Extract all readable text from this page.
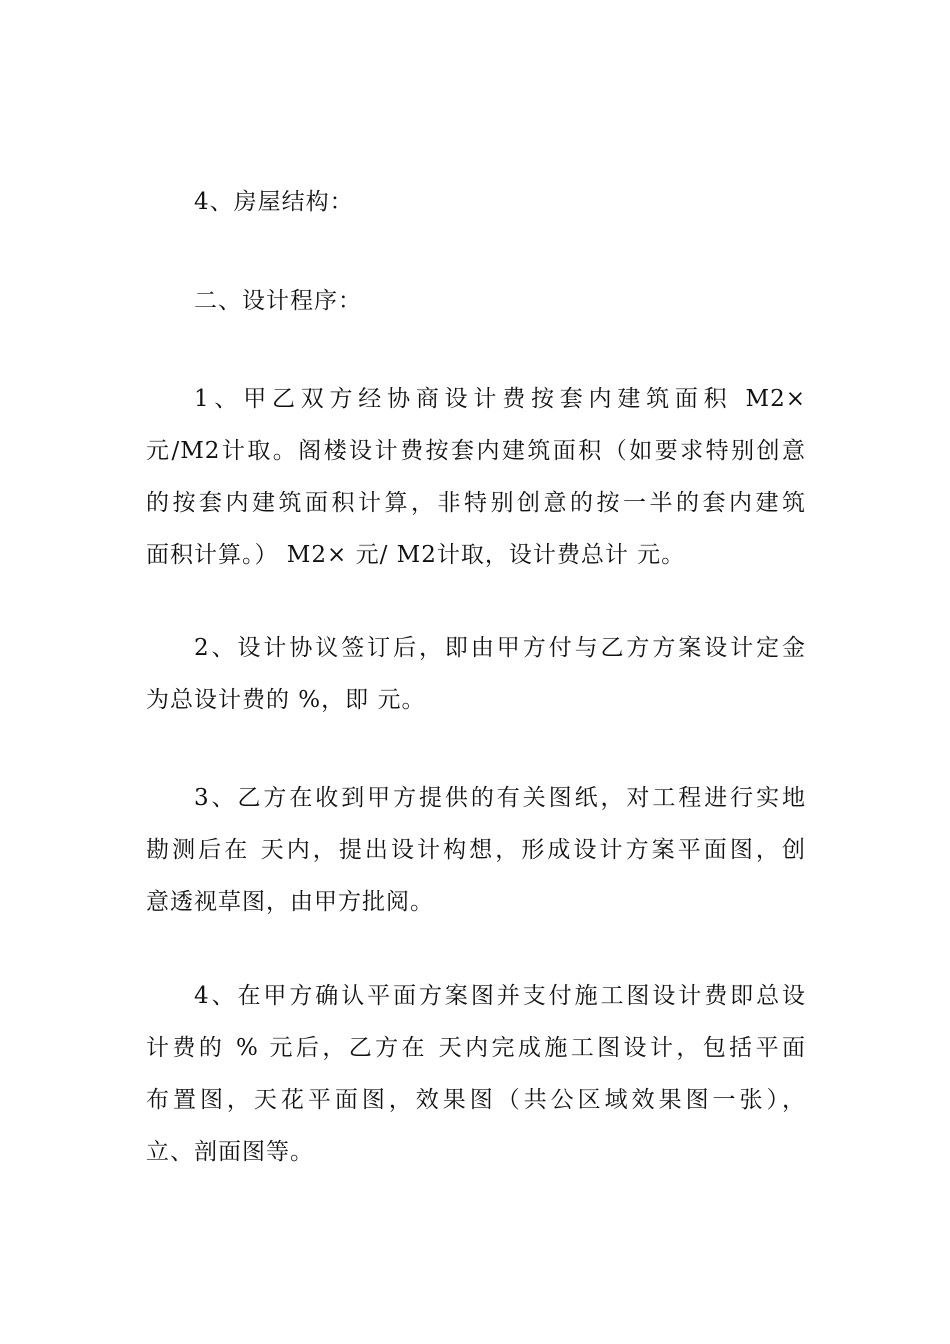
4、房屋结构：

二、设计程序：

1、甲乙双方经协商设计费按套内建筑面积 M2×
元/M2计取。阁楼设计费按套内建筑面积（如要求特别创意
的按套内建筑面积计算，非特别创意的按一半的套内建筑
面积计算。） M2× 元/ M2计取，设计费总计 元。

2、设计协议签订后，即由甲方付与乙方方案设计定金
为总设计费的 %，即 元。

3、乙方在收到甲方提供的有关图纸，对工程进行实地
勘测后在 天内，提出设计构想，形成设计方案平面图，创
意透视草图，由甲方批阅。

4、在甲方确认平面方案图并支付施工图设计费即总设
计费的 % 元后，乙方在 天内完成施工图设计，包括平面
布置图，天花平面图，效果图（共公区域效果图一张），
立、剖面图等。
